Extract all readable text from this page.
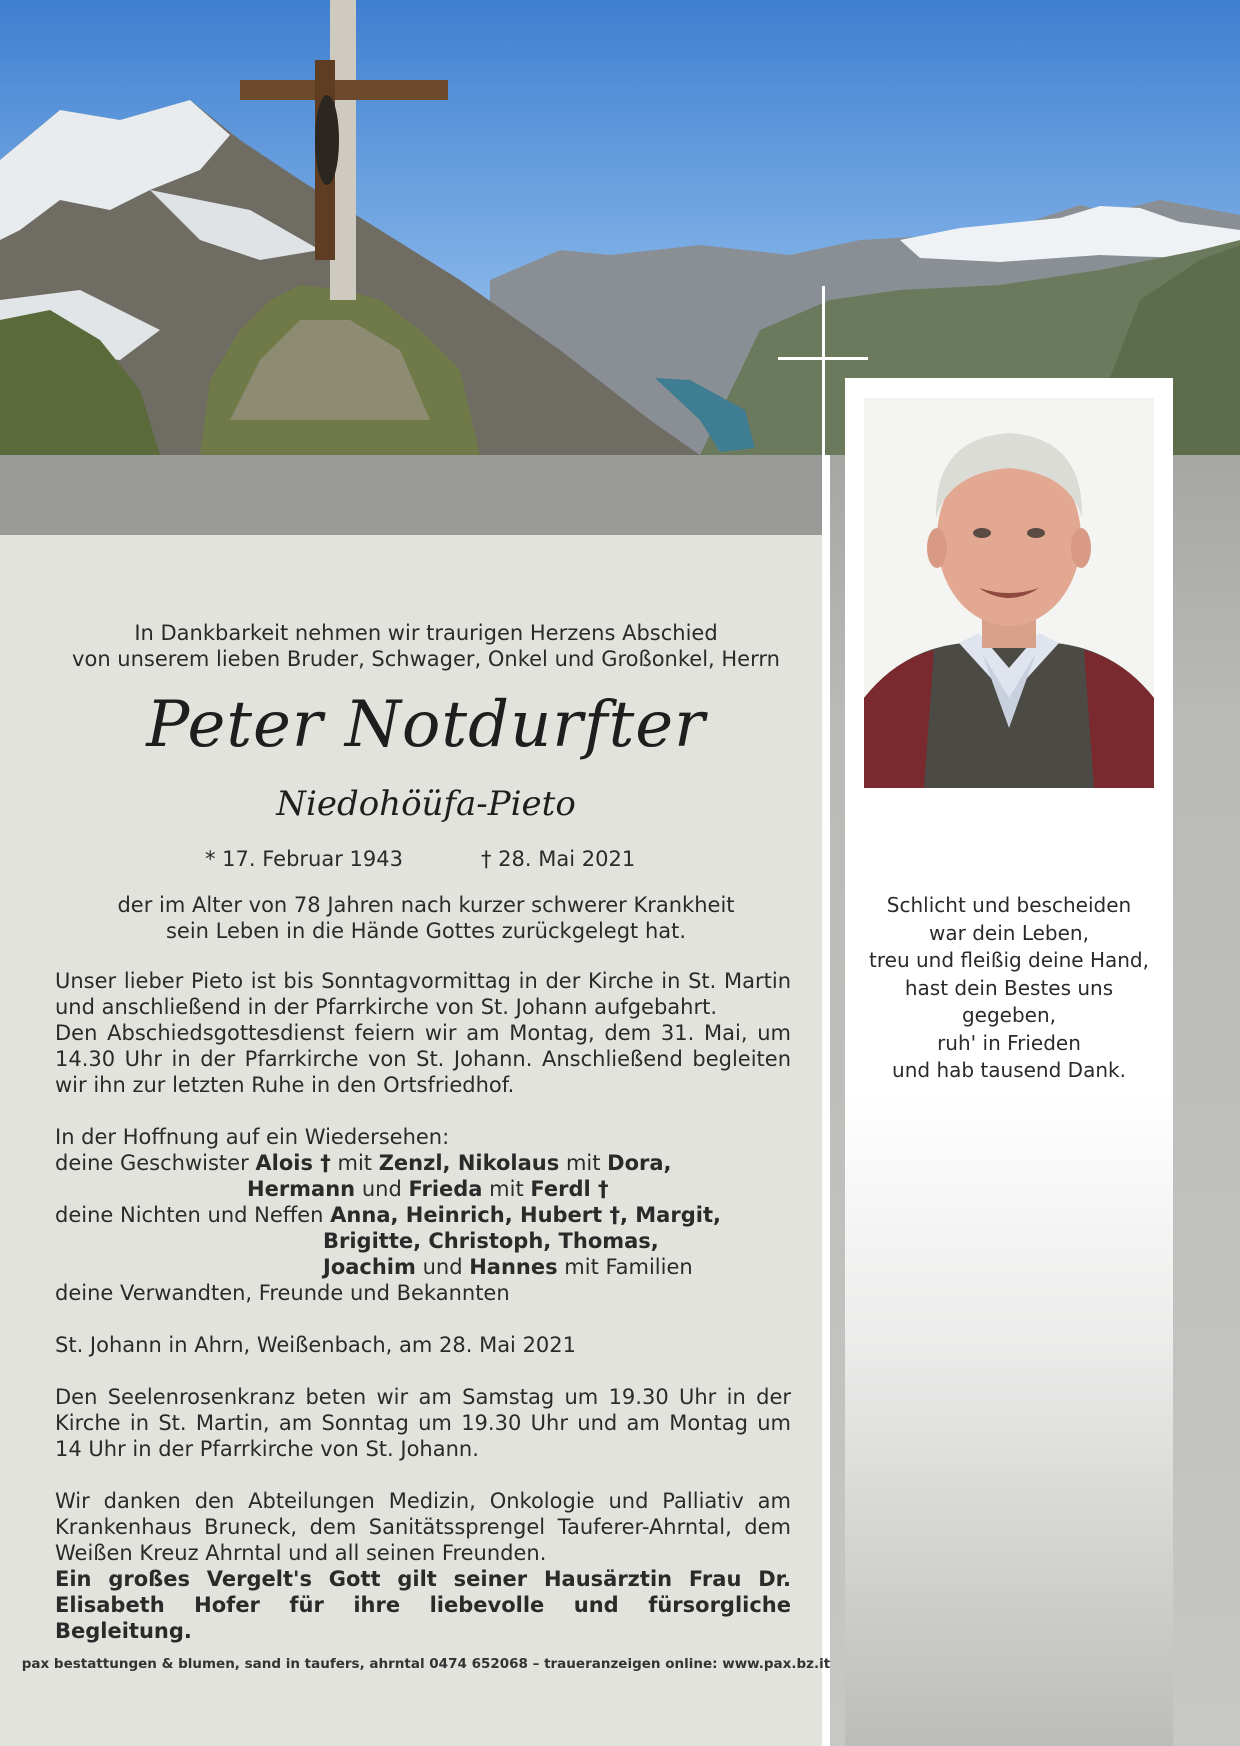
Schlicht und bescheiden
war dein Leben,
treu und fleißig deine Hand,
hast dein Bestes uns
gegeben,
ruh' in Frieden
und hab tausend Dank.
In Dankbarkeit nehmen wir traurigen Herzens Abschied
von unserem lieben Bruder, Schwager, Onkel und Großonkel, Herrn
Peter Notdurfter
Niedohöüfa-Pieto
* 17. Februar 1943	† 28. Mai 2021
der im Alter von 78 Jahren nach kurzer schwerer Krankheit
sein Leben in die Hände Gottes zurückgelegt hat.

Unser lieber Pieto ist bis Sonntagvormittag in der Kirche in St. Martin und anschließend in der Pfarrkirche von St. Johann aufgebahrt.

Den Abschiedsgottesdienst feiern wir am Montag, dem 31. Mai, um 14.30 Uhr in der Pfarrkirche von St. Johann. Anschließend begleiten wir ihn zur letzten Ruhe in den Ortsfriedhof.

In der Hoffnung auf ein Wiedersehen:
deine Geschwister Alois † mit Zenzl, Nikolaus mit Dora,
Hermann und Frieda mit Ferdl †
deine Nichten und Neffen Anna, Heinrich, Hubert †, Margit,
Brigitte, Christoph, Thomas,
Joachim und Hannes mit Familien
deine Verwandten, Freunde und Bekannten
St. Johann in Ahrn, Weißenbach, am 28. Mai 2021

Den Seelenrosenkranz beten wir am Samstag um 19.30 Uhr in der Kirche in St. Martin, am Sonntag um 19.30 Uhr und am Montag um 14 Uhr in der Pfarrkirche von St. Johann.

Wir danken den Abteilungen Medizin, Onkologie und Palliativ am Krankenhaus Bruneck, dem Sanitätssprengel Tauferer-Ahrntal, dem Weißen Kreuz Ahrntal und all seinen Freunden.

Ein großes Vergelt's Gott gilt seiner Hausärztin Frau Dr. Elisabeth Hofer für ihre liebevolle und fürsorgliche Begleitung.

pax bestattungen & blumen, sand in taufers, ahrntal 0474 652068 – traueranzeigen online: www.pax.bz.it
